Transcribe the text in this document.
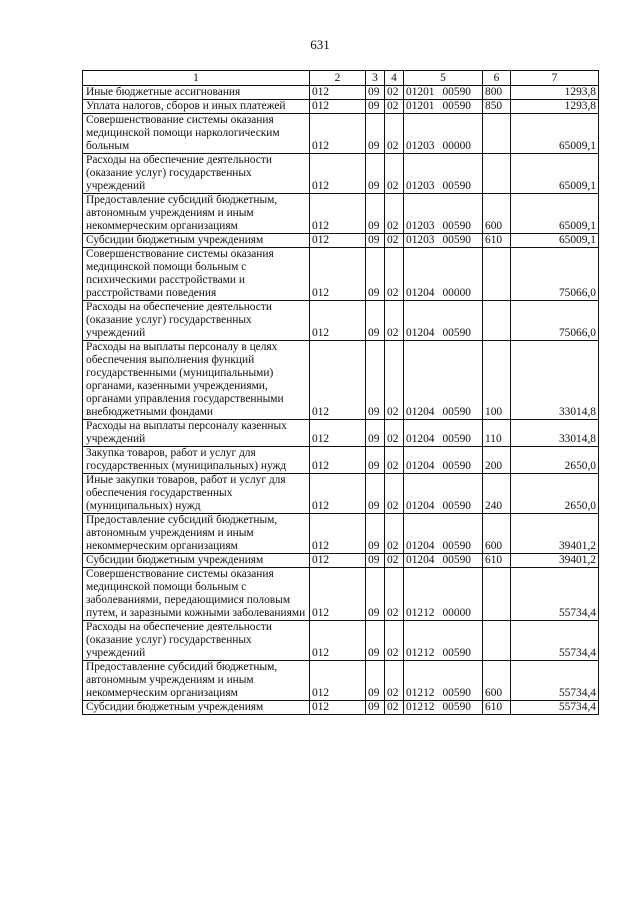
631
1	2	3	4	5	6	7
Иные бюджетные ассигнования	012	09	02	01201 00590	800	1293,8
Уплата налогов, сборов и иных платежей	012	09	02	01201 00590	850	1293,8
Совершенствование системы оказания медицинской помощи наркологическим больным	012	09	02	01203 00000		65009,1
Расходы на обеспечение деятельности (оказание услуг) государственных учреждений	012	09	02	01203 00590		65009,1
Предоставление субсидий бюджетным, автономным учреждениям и иным некоммерческим организациям	012	09	02	01203 00590	600	65009,1
Субсидии бюджетным учреждениям	012	09	02	01203 00590	610	65009,1
Совершенствование системы оказания медицинской помощи больным с психическими расстройствами и расстройствами поведения	012	09	02	01204 00000		75066,0
Расходы на обеспечение деятельности (оказание услуг) государственных учреждений	012	09	02	01204 00590		75066,0
Расходы на выплаты персоналу в целях обеспечения выполнения функций государственными (муниципальными) органами, казенными учреждениями, органами управления государственными внебюджетными фондами	012	09	02	01204 00590	100	33014,8
Расходы на выплаты персоналу казенных учреждений	012	09	02	01204 00590	110	33014,8
Закупка товаров, работ и услуг для государственных (муниципальных) нужд	012	09	02	01204 00590	200	2650,0
Иные закупки товаров, работ и услуг для обеспечения государственных (муниципальных) нужд	012	09	02	01204 00590	240	2650,0
Предоставление субсидий бюджетным, автономным учреждениям и иным некоммерческим организациям	012	09	02	01204 00590	600	39401,2
Субсидии бюджетным учреждениям	012	09	02	01204 00590	610	39401,2
Совершенствование системы оказания медицинской помощи больным с заболеваниями, передающимися половым путем, и заразными кожными заболеваниями	012	09	02	01212 00000		55734,4
Расходы на обеспечение деятельности (оказание услуг) государственных учреждений	012	09	02	01212 00590		55734,4
Предоставление субсидий бюджетным, автономным учреждениям и иным некоммерческим организациям	012	09	02	01212 00590	600	55734,4
Субсидии бюджетным учреждениям	012	09	02	01212 00590	610	55734,4
